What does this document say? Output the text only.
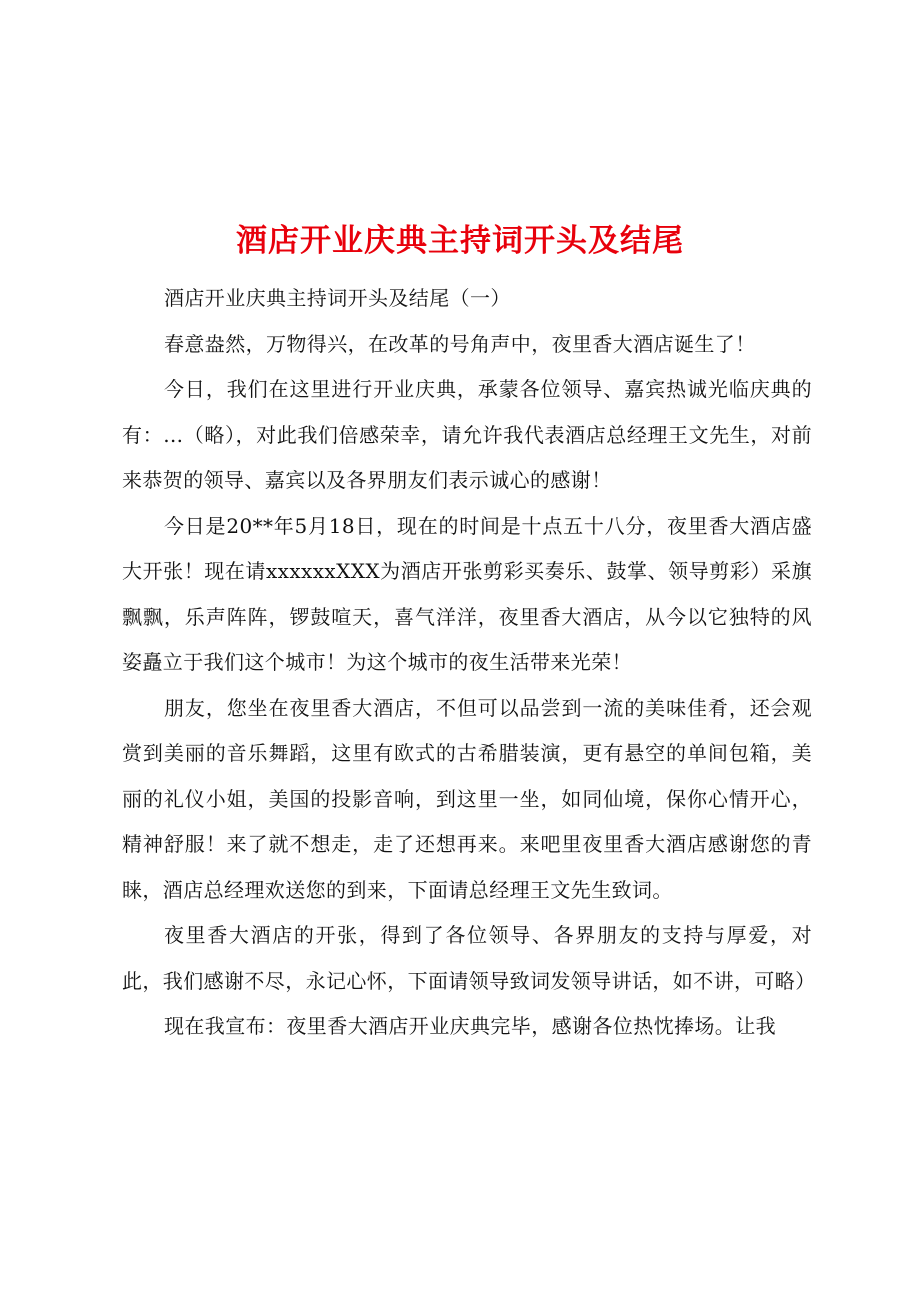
酒店开业庆典主持词开头及结尾

酒店开业庆典主持词开头及结尾（一）

春意盎然，万物得兴，在改革的号角声中，夜里香大酒店诞生了！

今日，我们在这里进行开业庆典，承蒙各位领导、嘉宾热诚光临庆典的有：…（略），对此我们倍感荣幸，请允许我代表酒店总经理王文先生，对前来恭贺的领导、嘉宾以及各界朋友们表示诚心的感谢！

今日是20**年5月18日，现在的时间是十点五十八分，夜里香大酒店盛大开张！现在请xxxxxxXXX为酒店开张剪彩买奏乐、鼓掌、领导剪彩）采旗飘飘，乐声阵阵，锣鼓喧天，喜气洋洋，夜里香大酒店，从今以它独特的风姿矗立于我们这个城市！为这个城市的夜生活带来光荣！

朋友，您坐在夜里香大酒店，不但可以品尝到一流的美味佳肴，还会观赏到美丽的音乐舞蹈，这里有欧式的古希腊装演，更有悬空的单间包箱，美丽的礼仪小姐，美国的投影音响，到这里一坐，如同仙境，保你心情开心，精神舒服！来了就不想走，走了还想再来。来吧里夜里香大酒店感谢您的青睐，酒店总经理欢送您的到来，下面请总经理王文先生致词。

夜里香大酒店的开张，得到了各位领导、各界朋友的支持与厚爱，对此，我们感谢不尽，永记心怀，下面请领导致词发领导讲话，如不讲，可略）

现在我宣布：夜里香大酒店开业庆典完毕，感谢各位热忱捧场。让我
